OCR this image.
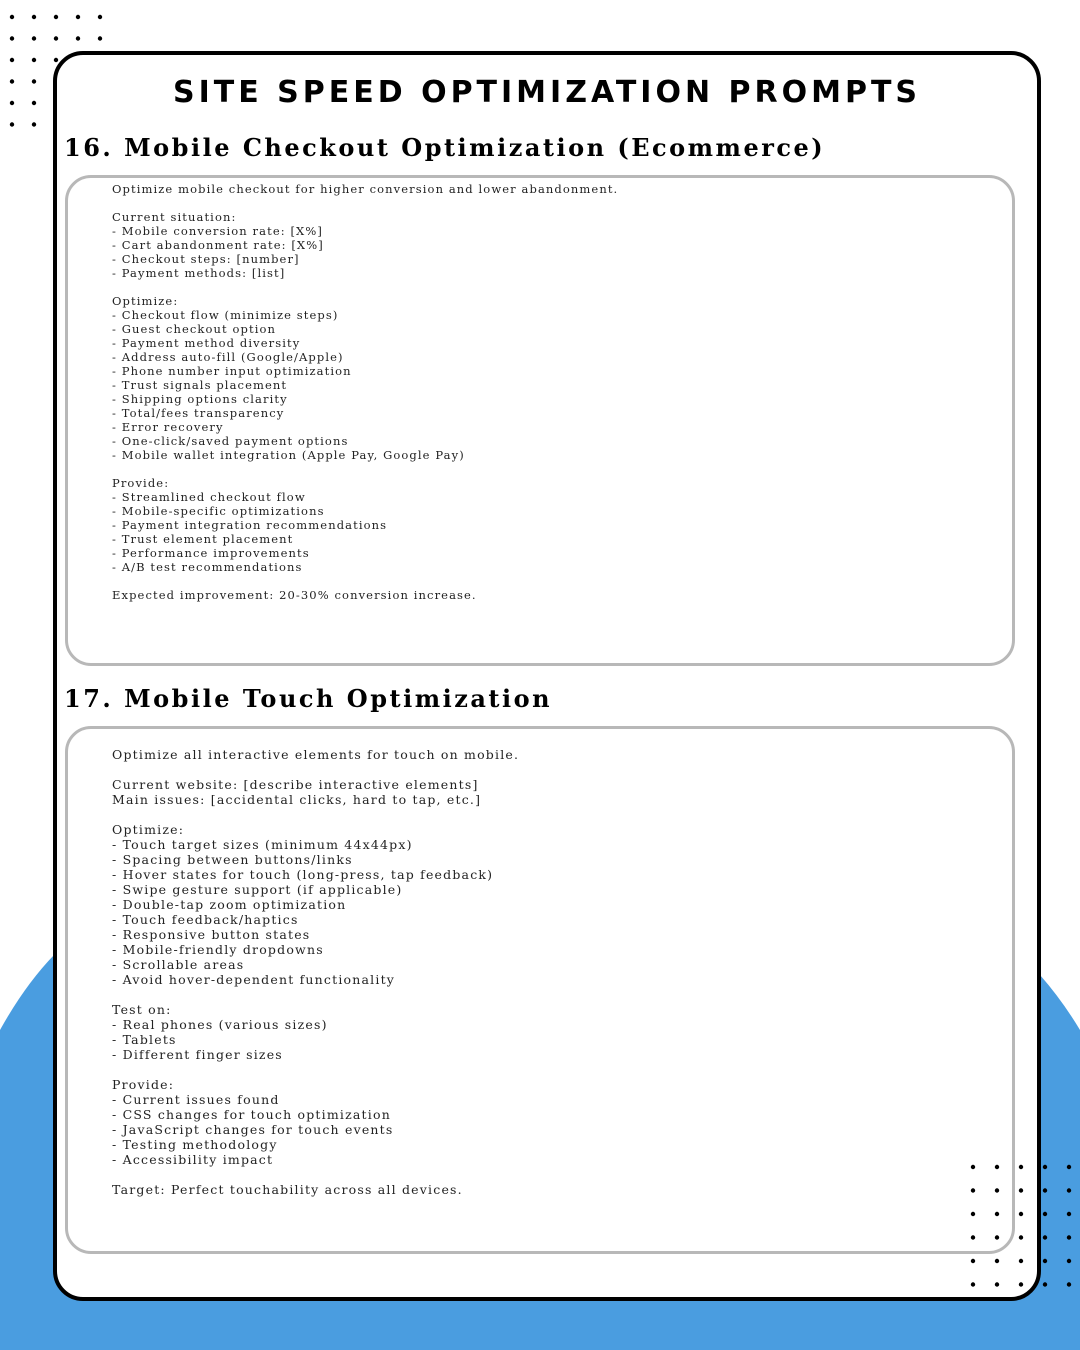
SITE SPEED OPTIMIZATION PROMPTS
16. Mobile Checkout Optimization (Ecommerce)
Optimize mobile checkout for higher conversion and lower abandonment.

Current situation:
- Mobile conversion rate: [X%]
- Cart abandonment rate: [X%]
- Checkout steps: [number]
- Payment methods: [list]

Optimize:
- Checkout flow (minimize steps)
- Guest checkout option
- Payment method diversity
- Address auto-fill (Google/Apple)
- Phone number input optimization
- Trust signals placement
- Shipping options clarity
- Total/fees transparency
- Error recovery
- One-click/saved payment options
- Mobile wallet integration (Apple Pay, Google Pay)

Provide:
- Streamlined checkout flow
- Mobile-specific optimizations
- Payment integration recommendations
- Trust element placement
- Performance improvements
- A/B test recommendations

Expected improvement: 20-30% conversion increase.
17. Mobile Touch Optimization
Optimize all interactive elements for touch on mobile.

Current website: [describe interactive elements]
Main issues: [accidental clicks, hard to tap, etc.]

Optimize:
- Touch target sizes (minimum 44x44px)
- Spacing between buttons/links
- Hover states for touch (long-press, tap feedback)
- Swipe gesture support (if applicable)
- Double-tap zoom optimization
- Touch feedback/haptics
- Responsive button states
- Mobile-friendly dropdowns
- Scrollable areas
- Avoid hover-dependent functionality

Test on:
- Real phones (various sizes)
- Tablets
- Different finger sizes

Provide:
- Current issues found
- CSS changes for touch optimization
- JavaScript changes for touch events
- Testing methodology
- Accessibility impact

Target: Perfect touchability across all devices.
